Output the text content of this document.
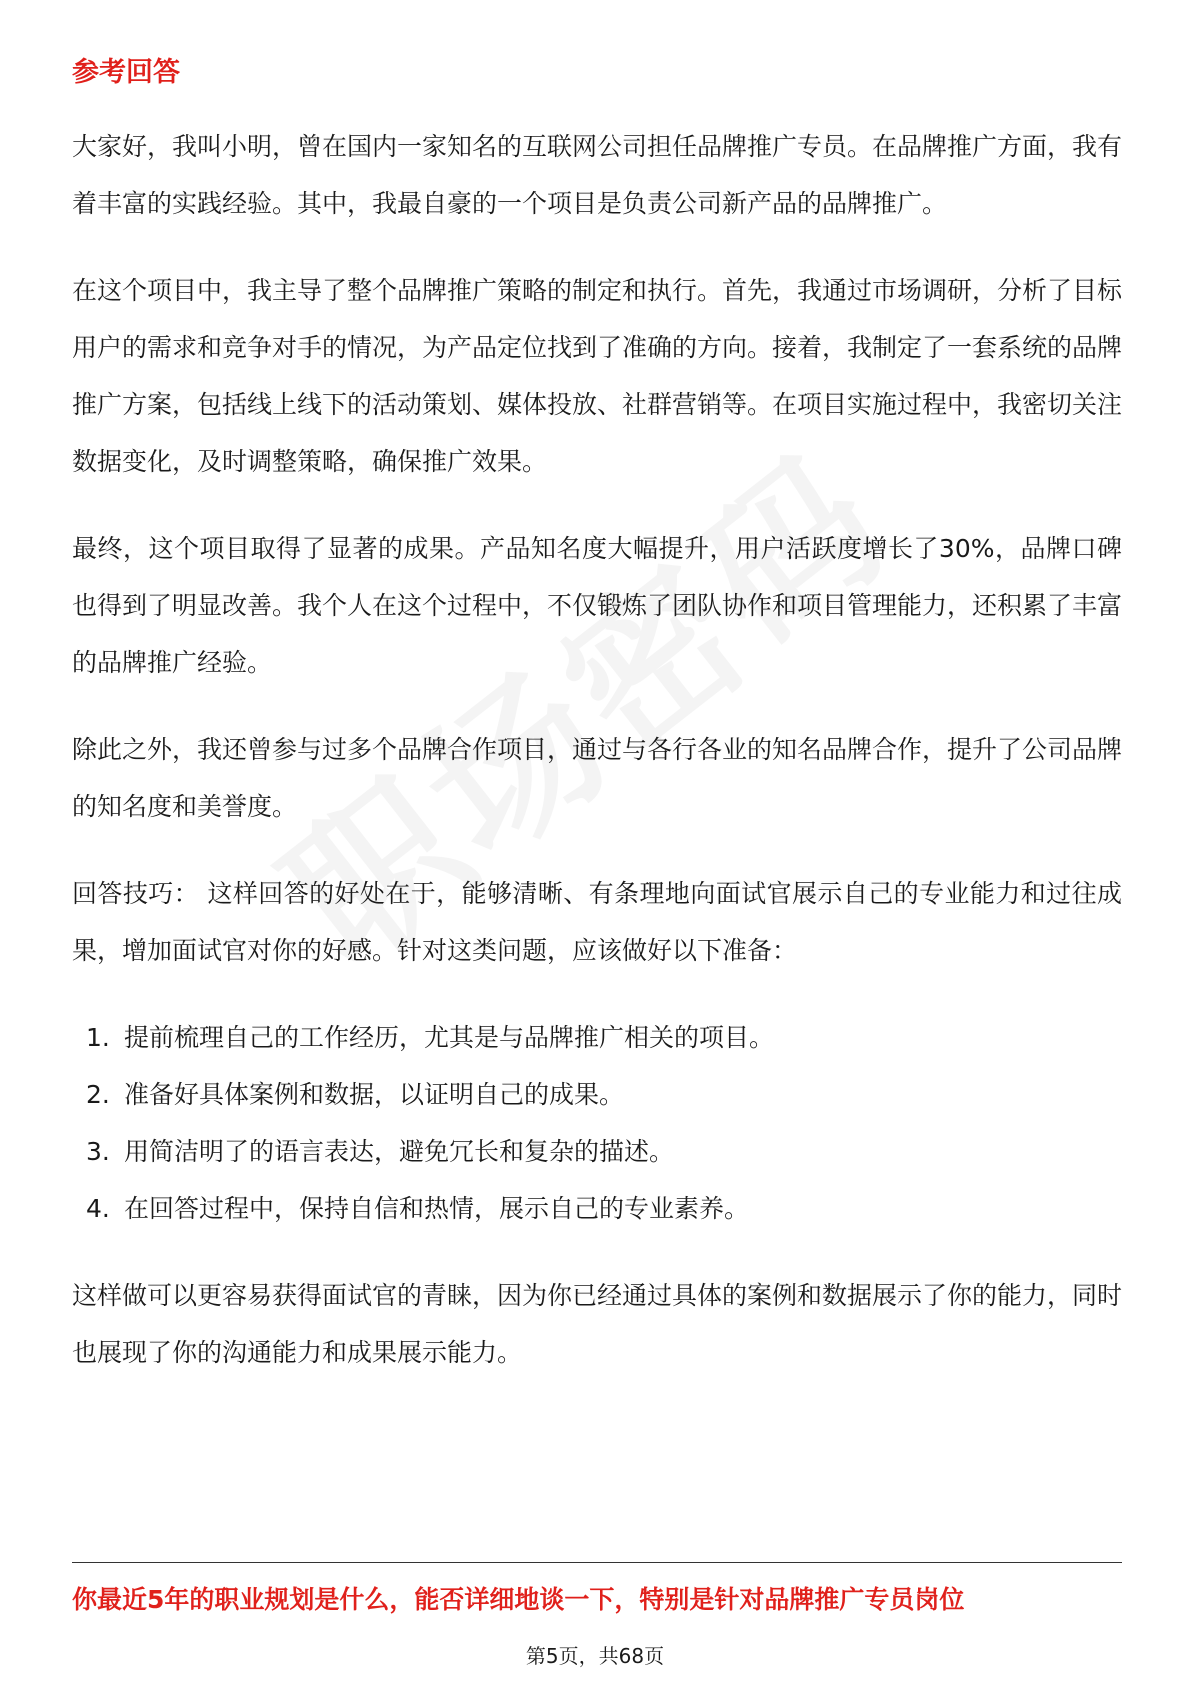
参考回答

大家好，我叫小明，曾在国内一家知名的互联网公司担任品牌推广专员。在品牌推广方面，我有着丰富的实践经验。其中，我最自豪的一个项目是负责公司新产品的品牌推广。

在这个项目中，我主导了整个品牌推广策略的制定和执行。首先，我通过市场调研，分析了目标用户的需求和竞争对手的情况，为产品定位找到了准确的方向。接着，我制定了一套系统的品牌推广方案，包括线上线下的活动策划、媒体投放、社群营销等。在项目实施过程中，我密切关注数据变化，及时调整策略，确保推广效果。

最终，这个项目取得了显著的成果。产品知名度大幅提升，用户活跃度增长了30%，品牌口碑也得到了明显改善。我个人在这个过程中，不仅锻炼了团队协作和项目管理能力，还积累了丰富的品牌推广经验。

除此之外，我还曾参与过多个品牌合作项目，通过与各行各业的知名品牌合作，提升了公司品牌的知名度和美誉度。

回答技巧： 这样回答的好处在于，能够清晰、有条理地向面试官展示自己的专业能力和过往成果，增加面试官对你的好感。针对这类问题，应该做好以下准备：

1. 提前梳理自己的工作经历，尤其是与品牌推广相关的项目。
2. 准备好具体案例和数据，以证明自己的成果。
3. 用简洁明了的语言表达，避免冗长和复杂的描述。
4. 在回答过程中，保持自信和热情，展示自己的专业素养。

这样做可以更容易获得面试官的青睐，因为你已经通过具体的案例和数据展示了你的能力，同时也展现了你的沟通能力和成果展示能力。

你最近5年的职业规划是什么，能否详细地谈一下，特别是针对品牌推广专员岗位

第5页，共68页
